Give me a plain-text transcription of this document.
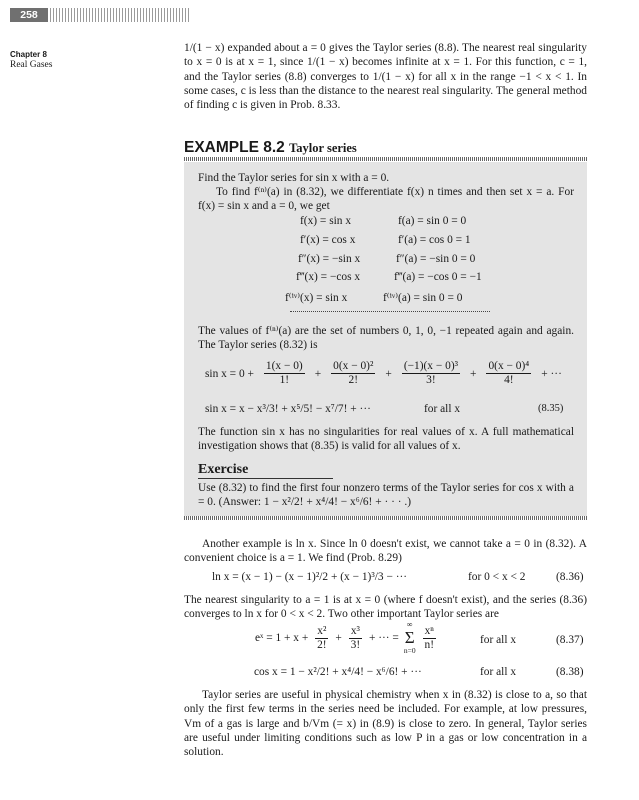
258
Chapter 8
Real Gases
1/(1 − x) expanded about a = 0 gives the Taylor series (8.8). The nearest real singularity to x = 0 is at x = 1, since 1/(1 − x) becomes infinite at x = 1. For this function, c = 1, and the Taylor series (8.8) converges to 1/(1 − x) for all x in the range −1 < x < 1. In some cases, c is less than the distance to the nearest real singularity. The general method of finding c is given in Prob. 8.33.
EXAMPLE 8.2 Taylor series
Find the Taylor series for sin x with a = 0.
To find f⁽ⁿ⁾(a) in (8.32), we differentiate f(x) n times and then set x = a. For f(x) = sin x and a = 0, we get
f(x) = sin x	f(a) = sin 0 = 0
f′(x) = cos x	f′(a) = cos 0 = 1
f″(x) = −sin x	f″(a) = −sin 0 = 0
f‴(x) = −cos x	f‴(a) = −cos 0 = −1
f⁽ⁱᵛ⁾(x) = sin x	f⁽ⁱᵛ⁾(a) = sin 0 = 0
The values of f⁽ⁿ⁾(a) are the set of numbers 0, 1, 0, −1 repeated again and again. The Taylor series (8.32) is
$\sin x = 0 + \frac{1(x - 0)}{1!} + \frac{\text{0(x − 0)²}}{2!} + \frac{\text{(−1)(x − 0)³}}{3!} + \frac{\text{0(x − 0)⁴}}{4!}$ + ···
sin x = x − x³/3! + x⁵/5! − x⁷/7! + ···	for all x	(8.35)
The function sin x has no singularities for real values of x. A full mathematical investigation shows that (8.35) is valid for all values of x.
Exercise
Use (8.32) to find the first four nonzero terms of the Taylor series for cos x with a = 0. (Answer: 1 − x²/2! + x⁴/4! − x⁶/6! + · · · .)
Another example is ln x. Since ln 0 doesn't exist, we cannot take a = 0 in (8.32). A convenient choice is a = 1. We find (Prob. 8.29)
ln x = (x − 1) − (x − 1)²/2 + (x − 1)³/3 − ···	for 0 < x < 2	(8.36)
The nearest singularity to a = 1 is at x = 0 (where f doesn't exist), and the series (8.36) converges to ln x for 0 < x < 2. Two other important Taylor series are
eˣ = $1 + x + \frac{\text{x²}}{2!} + \frac{\text{x³}}{3!}$ + ··· =
∞
Σ
$n=0 \frac{\text{xⁿ}}{n!}$	for all x	(8.37)
cos x = 1 − x²/2! + x⁴/4! − x⁶/6! + ···	for all x	(8.38)
Taylor series are useful in physical chemistry when x in (8.32) is close to a, so that only the first few terms in the series need be included. For example, at low pressures, Vm of a gas is large and b/Vm (= x) in (8.9) is close to zero. In general, Taylor series are useful under limiting conditions such as low P in a gas or low concentration in a solution.
